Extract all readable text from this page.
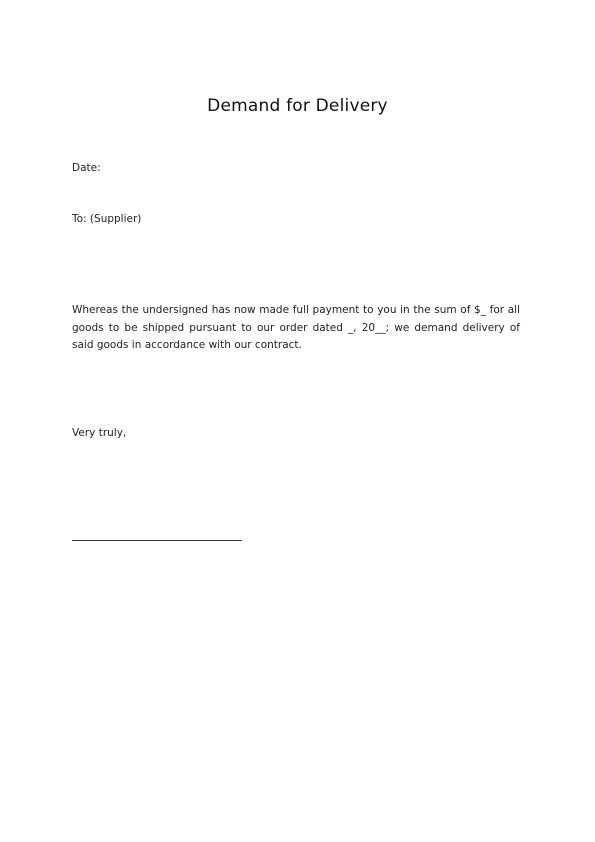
Demand for Delivery
Date:
To: (Supplier)
Whereas the undersigned has now made full payment to you in the sum of $_ for all goods to be shipped pursuant to our order dated _, 20__; we demand delivery of said goods in accordance with our contract.
Very truly,
